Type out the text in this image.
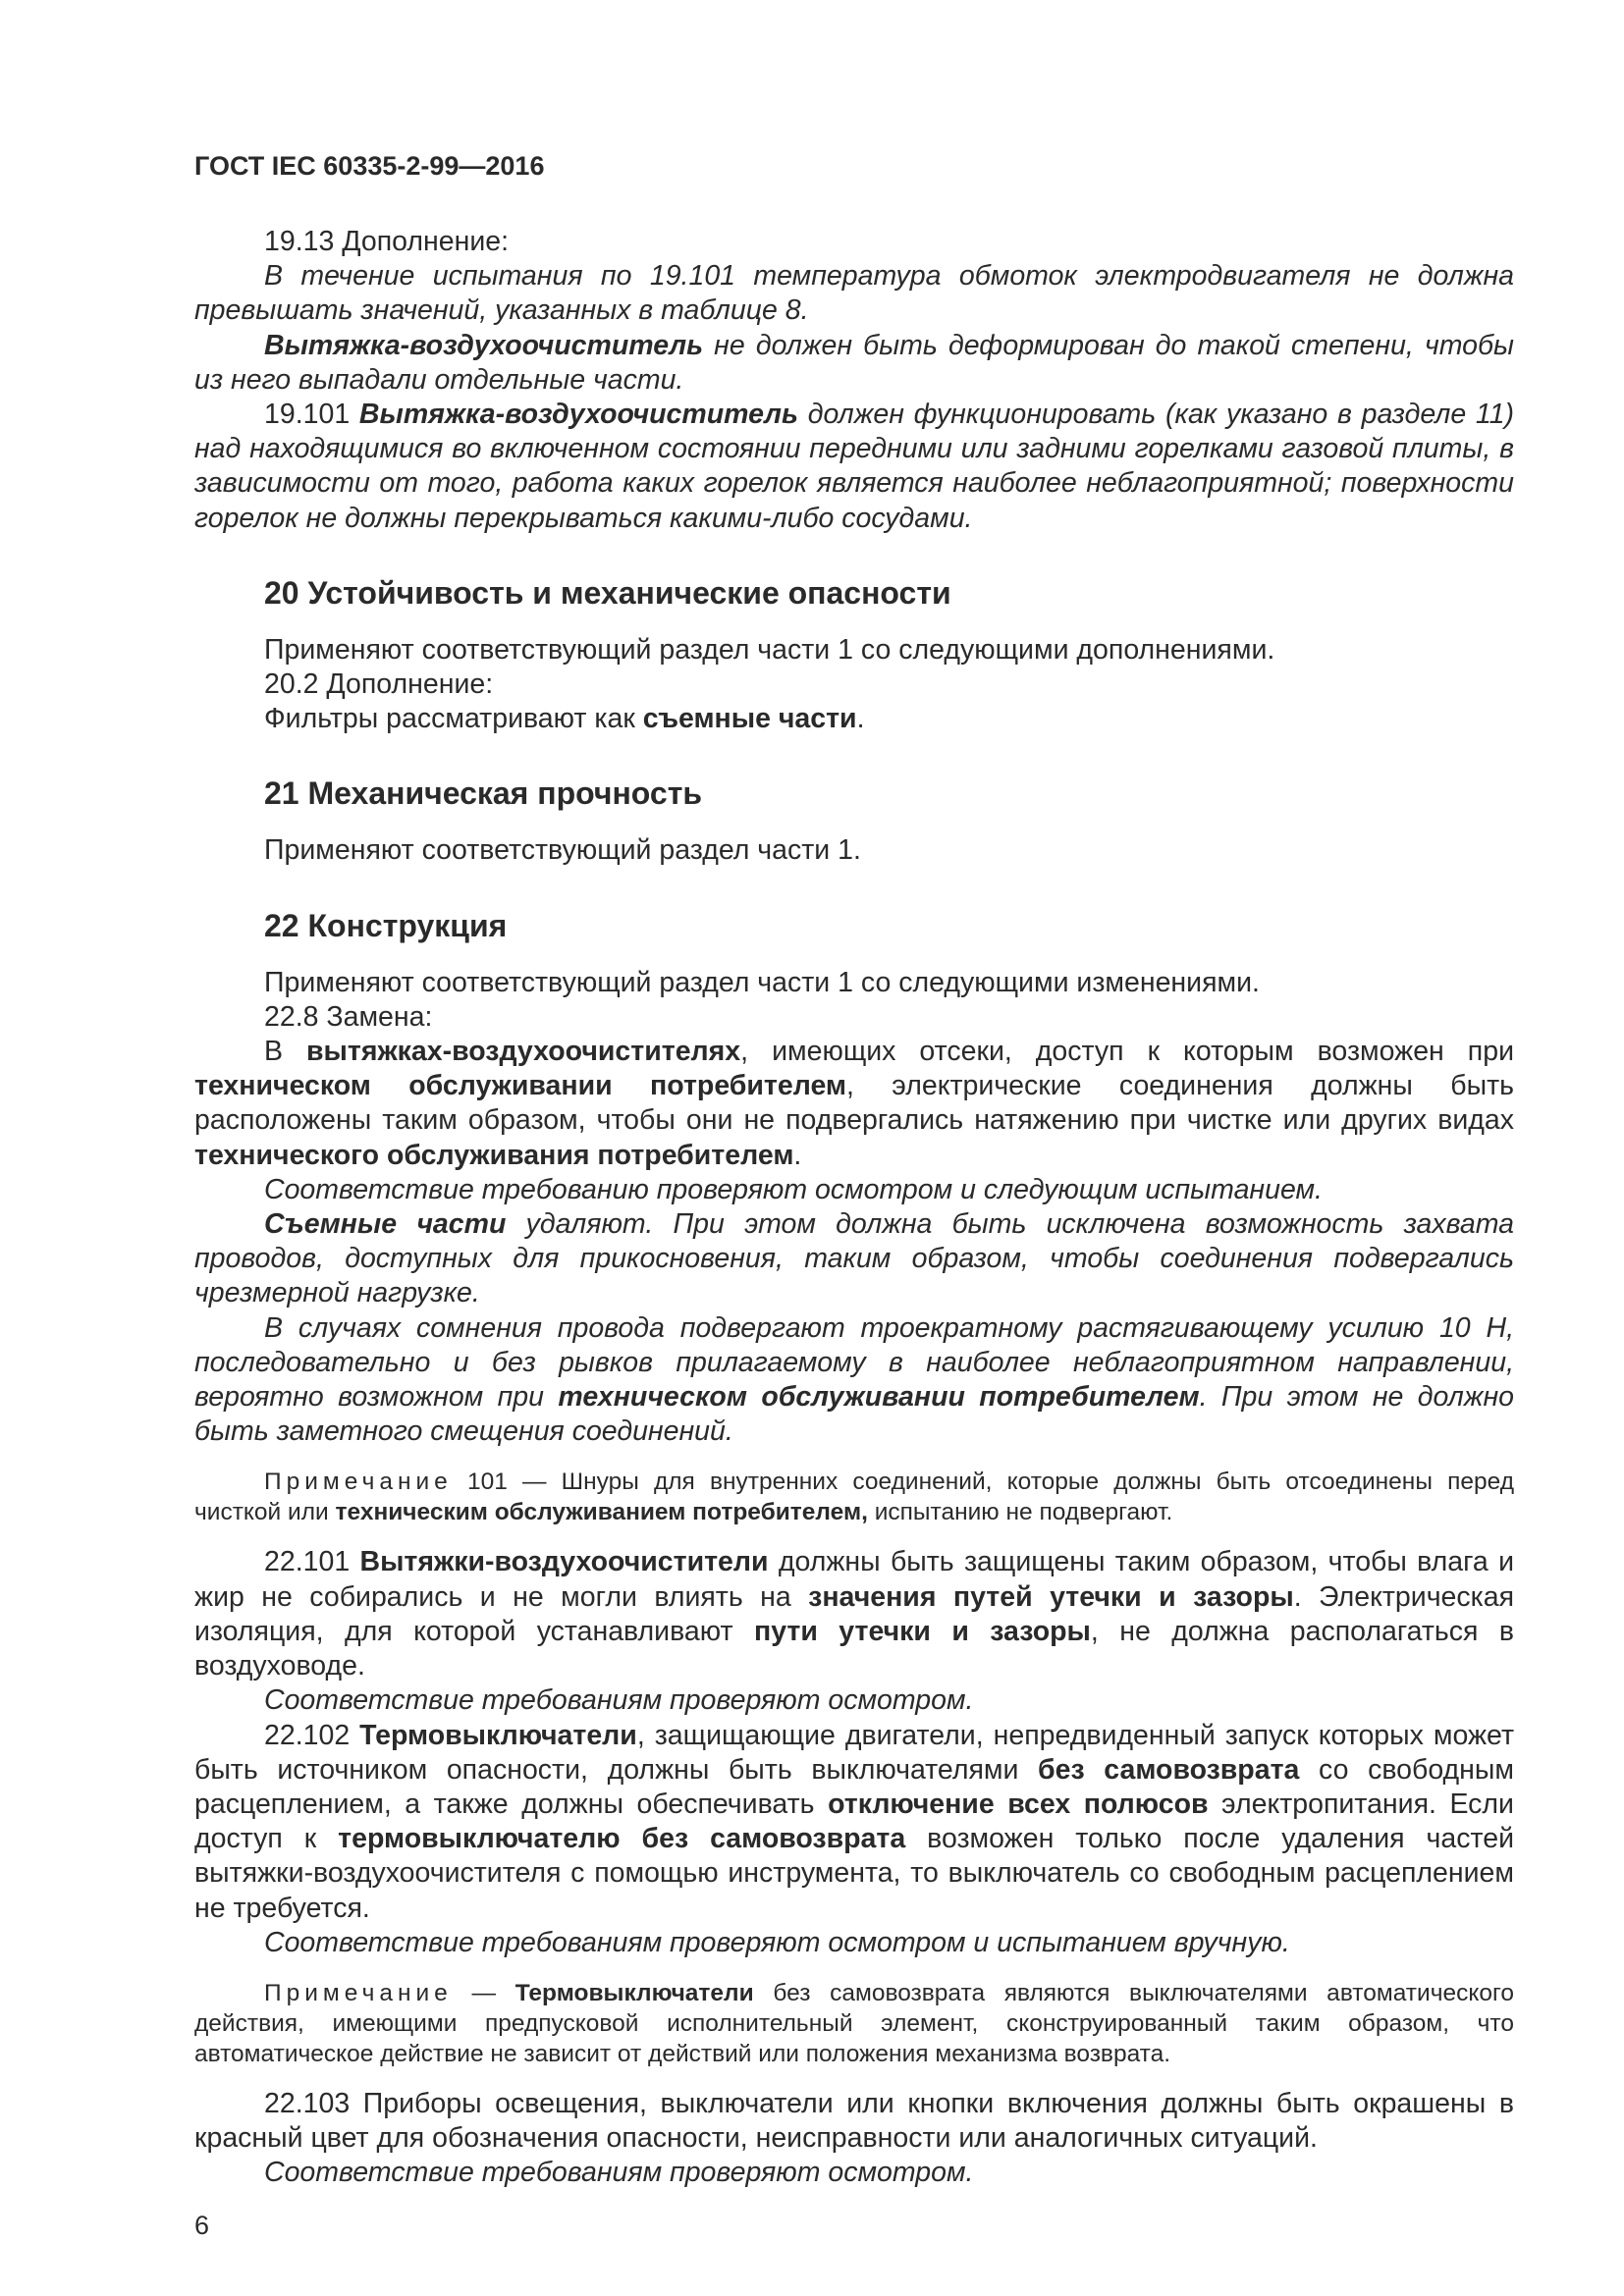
ГОСТ IEC 60335-2-99—2016

19.13 Дополнение:

В течение испытания по 19.101 температура обмоток электродвигателя не должна превышать значений, указанных в таблице 8.

Вытяжка-воздухоочиститель не должен быть деформирован до такой степени, чтобы из него выпадали отдельные части.

19.101 Вытяжка-воздухоочиститель должен функционировать (как указано в разделе 11) над находящимися во включенном состоянии передними или задними горелками газовой плиты, в зависимости от того, работа каких горелок является наиболее неблагоприятной; поверхности горелок не должны перекрываться какими-либо сосудами.

20 Устойчивость и механические опасности

Применяют соответствующий раздел части 1 со следующими дополнениями.

20.2 Дополнение:

Фильтры рассматривают как съемные части.

21 Механическая прочность

Применяют соответствующий раздел части 1.

22 Конструкция

Применяют соответствующий раздел части 1 со следующими изменениями.

22.8 Замена:

В вытяжках-воздухоочистителях, имеющих отсеки, доступ к которым возможен при техническом обслуживании потребителем, электрические соединения должны быть расположены таким образом, чтобы они не подвергались натяжению при чистке или других видах технического обслуживания потребителем.

Соответствие требованию проверяют осмотром и следующим испытанием.

Съемные части удаляют. При этом должна быть исключена возможность захвата проводов, доступных для прикосновения, таким образом, чтобы соединения подвергались чрезмерной нагрузке.

В случаях сомнения провода подвергают троекратному растягивающему усилию 10 Н, последовательно и без рывков прилагаемому в наиболее неблагоприятном направлении, вероятно возможном при техническом обслуживании потребителем. При этом не должно быть заметного смещения соединений.

Примечание 101 — Шнуры для внутренних соединений, которые должны быть отсоединены перед чисткой или техническим обслуживанием потребителем, испытанию не подвергают.

22.101 Вытяжки-воздухоочистители должны быть защищены таким образом, чтобы влага и жир не собирались и не могли влиять на значения путей утечки и зазоры. Электрическая изоляция, для которой устанавливают пути утечки и зазоры, не должна располагаться в воздуховоде.

Соответствие требованиям проверяют осмотром.

22.102 Термовыключатели, защищающие двигатели, непредвиденный запуск которых может быть источником опасности, должны быть выключателями без самовозврата со свободным расцеплением, а также должны обеспечивать отключение всех полюсов электропитания. Если доступ к термовыключателю без самовозврата возможен только после удаления частей вытяжки-воздухоочистителя с помощью инструмента, то выключатель со свободным расцеплением не требуется.

Соответствие требованиям проверяют осмотром и испытанием вручную.

Примечание — Термовыключатели без самовозврата являются выключателями автоматического действия, имеющими предпусковой исполнительный элемент, сконструированный таким образом, что автоматическое действие не зависит от действий или положения механизма возврата.

22.103 Приборы освещения, выключатели или кнопки включения должны быть окрашены в красный цвет для обозначения опасности, неисправности или аналогичных ситуаций.

Соответствие требованиям проверяют осмотром.

6
